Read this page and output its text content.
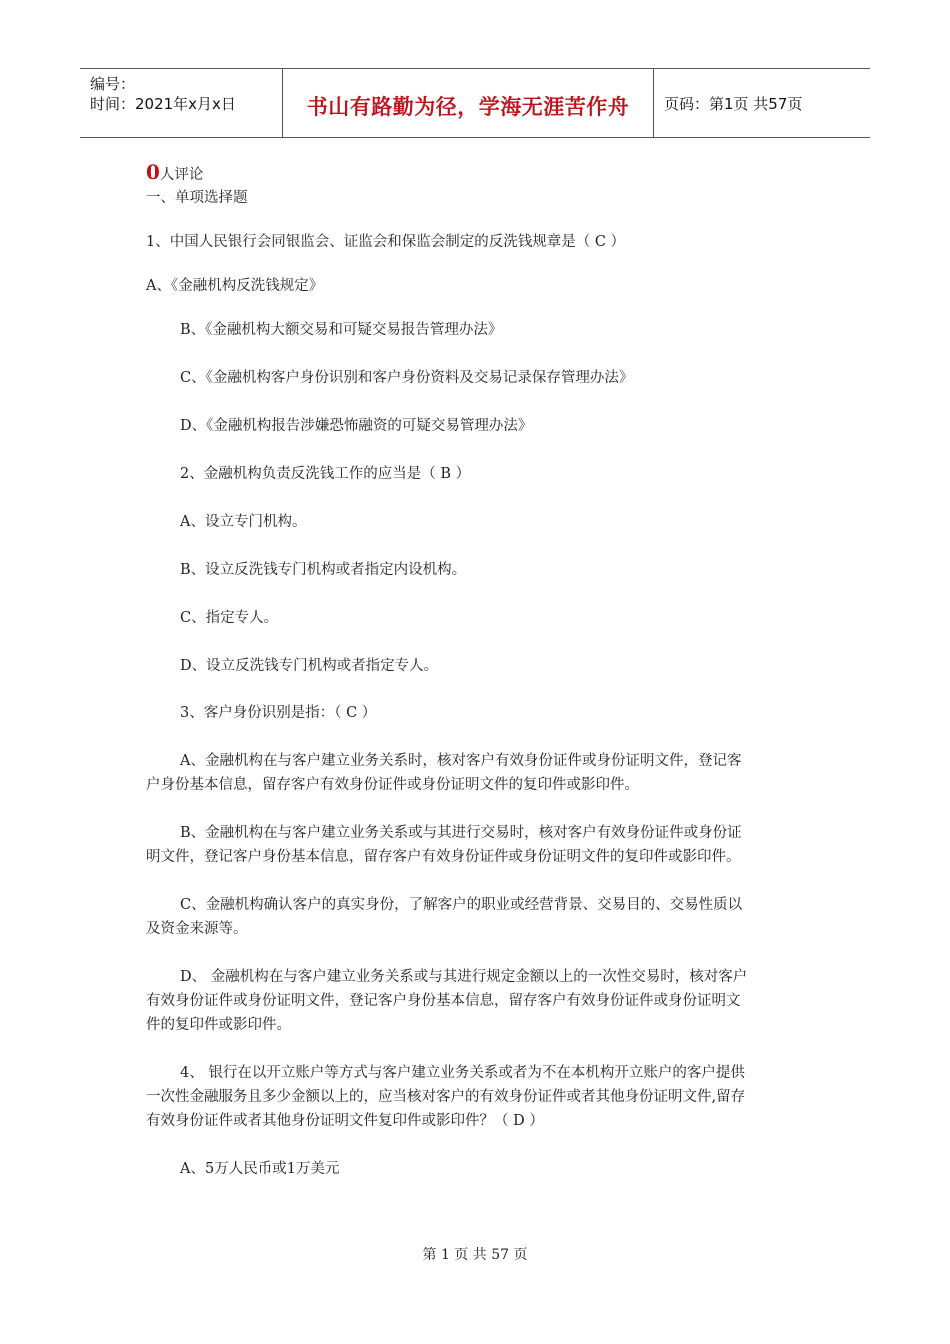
编号：
时间：2021年x月x日	书山有路勤为径，学海无涯苦作舟	页码：第1页 共57页
0人评论
一、单项选择题
1、中国人民银行会同银监会、证监会和保监会制定的反洗钱规章是（ C ）
A、《金融机构反洗钱规定》
B、《金融机构大额交易和可疑交易报告管理办法》
C、《金融机构客户身份识别和客户身份资料及交易记录保存管理办法》
D、《金融机构报告涉嫌恐怖融资的可疑交易管理办法》
2、金融机构负责反洗钱工作的应当是（ B ）
A、设立专门机构。
B、设立反洗钱专门机构或者指定内设机构。
C、指定专人。
D、设立反洗钱专门机构或者指定专人。
3、客户身份识别是指：（ C ）
A、金融机构在与客户建立业务关系时，核对客户有效身份证件或身份证明文件，登记客
户身份基本信息，留存客户有效身份证件或身份证明文件的复印件或影印件。
B、金融机构在与客户建立业务关系或与其进行交易时，核对客户有效身份证件或身份证
明文件，登记客户身份基本信息，留存客户有效身份证件或身份证明文件的复印件或影印件。
C、金融机构确认客户的真实身份，了解客户的职业或经营背景、交易目的、交易性质以
及资金来源等。
D、 金融机构在与客户建立业务关系或与其进行规定金额以上的一次性交易时，核对客户
有效身份证件或身份证明文件，登记客户身份基本信息，留存客户有效身份证件或身份证明文
件的复印件或影印件。
4、 银行在以开立账户等方式与客户建立业务关系或者为不在本机构开立账户的客户提供
一次性金融服务且多少金额以上的，应当核对客户的有效身份证件或者其他身份证明文件,留存
有效身份证件或者其他身份证明文件复印件或影印件？（ D ）
A、5万人民币或1万美元
第 1 页 共 57 页
